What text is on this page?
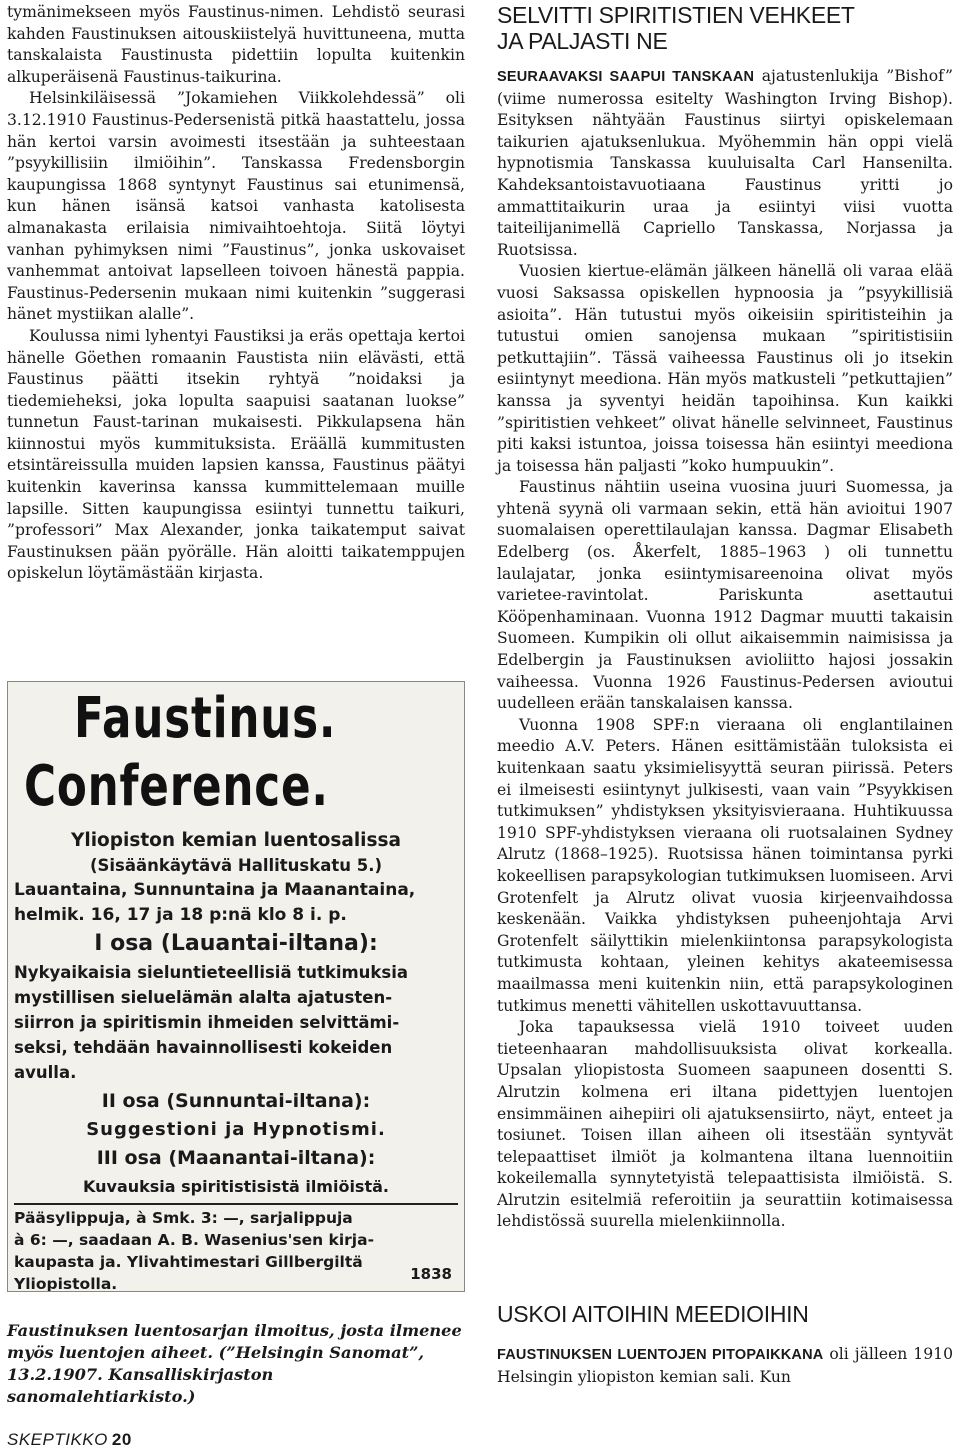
tymänimekseen myös Faustinus-nimen. Lehdistö seurasi kahden Faustinuksen aitouskiistelyä huvittuneena, mutta tanskalaista Faustinusta pidettiin lopulta kuitenkin alkuperäisenä Faustinus-taikurina.

Helsinkiläisessä ”Jokamiehen Viikkolehdessä” oli 3.12.1910 Faustinus-Pedersenistä pitkä haastattelu, jossa hän kertoi varsin avoimesti itsestään ja suhteestaan ”psyykillisiin ilmiöihin”. Tanskassa Fredensborgin kaupungissa 1868 syntynyt Faustinus sai etunimensä, kun hänen isänsä katsoi vanhasta katolisesta almanakasta erilaisia nimivaihtoehtoja. Siitä löytyi vanhan pyhimyksen nimi ”Faustinus”, jonka uskovaiset vanhemmat antoivat lapselleen toivoen hänestä pappia. Faustinus-Pedersenin mukaan nimi kuitenkin ”suggerasi hänet mystiikan alalle”.

Koulussa nimi lyhentyi Faustiksi ja eräs opettaja kertoi hänelle Göethen romaanin Faustista niin elävästi, että Faustinus päätti itsekin ryhtyä ”noidaksi ja tiedemieheksi, joka lopulta saapuisi saatanan luokse” tunnetun Faust-tarinan mukaisesti. Pikkulapsena hän kiinnostui myös kummituksista. Eräällä kummitusten etsintäreissulla muiden lapsien kanssa, Faustinus päätyi kuitenkin kaverinsa kanssa kummittelemaan muille lapsille. Sitten kaupungissa esiintyi tunnettu taikuri, ”professori” Max Alexander, jonka taikatemput saivat Faustinuksen pään pyörälle. Hän aloitti taikatemppujen opiskelun löytämästään kirjasta.

Faustinus.

Conference.

Yliopiston kemian luentosalissa

(Sisäänkäytävä Hallituskatu 5.)

Lauantaina, Sunnuntaina ja Maanantaina,

helmik. 16, 17 ja 18 p:nä klo 8 i. p.

I osa (Lauantai-iltana):

Nykyaikaisia sieluntieteellisiä tutkimuksia

mystillisen sieluelämän alalta ajatusten-

siirron ja spiritismin ihmeiden selvittämi-

seksi, tehdään havainnollisesti kokeiden

avulla.

II osa (Sunnuntai-iltana):

Suggestioni ja Hypnotismi.

III osa (Maanantai-iltana):

Kuvauksia spiritistisistä ilmiöistä.

Pääsylippuja, à Smk. 3: —, sarjalippuja

à 6: —, saadaan A. B. Wasenius'sen kirja-

kaupasta ja. Ylivahtimestari Gillbergiltä

Yliopistolla.

1838

Faustinuksen luentosarjan ilmoitus, josta ilmenee myös luentojen aiheet. (”Helsingin Sanomat”, 13.2.1907. Kansalliskirjaston sanomalehtiarkisto.)

SKEPTIKKO 20
SELVITTI SPIRITISTIEN VEHKEET
JA PALJASTI NE

SEURAAVAKSI SAAPUI TANSKAAN ajatustenlukija ”Bishof” (viime numerossa esitelty Washington Irving Bishop). Esityksen nähtyään Faustinus siirtyi opiskelemaan taikurien ajatuksenlukua. Myöhemmin hän oppi vielä hypnotismia Tanskassa kuuluisalta Carl Hanseniltа. Kahdeksantoistavuotiaana Faustinus yritti jo ammattitaikurin uraa ja esiintyi viisi vuotta taiteilijanimellä Capriello Tanskassa, Norjassa ja Ruotsissa.

Vuosien kiertue-elämän jälkeen hänellä oli varaa elää vuosi Saksassa opiskellen hypnoosia ja ”psyykillisiä asioita”. Hän tutustui myös oikeisiin spiritisteihin ja tutustui omien sanojensa mukaan ”spiritistisiin petkuttajiin”. Tässä vaiheessa Faustinus oli jo itsekin esiintynyt meedionа. Hän myös matkusteli ”petkuttajien” kanssa ja syventyi heidän tapoihinsa. Kun kaikki ”spiritistien vehkeet” olivat hänelle selvinneet, Faustinus piti kaksi istuntoa, joissa toisessa hän esiintyi meediona ja toisessa hän paljasti ”koko humpuukin”.

Faustinus nähtiin useina vuosina juuri Suomessa, ja yhtenä syynä oli varmaan sekin, että hän avioitui 1907 suomalaisen operettilaulajan kanssa. Dagmar Elisabeth Edelberg (os. Åkerfelt, 1885–1963 ) oli tunnettu laulajatar, jonka esiintymisareenoina olivat myös varietee-ravintolat. Pariskunta asettautui Kööpenhaminaan. Vuonna 1912 Dagmar muutti takaisin Suomeen. Kumpikin oli ollut aikaisemmin naimisissa ja Edelbergin ja Faustinuksen avioliitto hajosi jossakin vaiheessa. Vuonna 1926 Faustinus-Pedersen avioutui uudelleen erään tanskalaisen kanssa.

Vuonna 1908 SPF:n vieraana oli englantilainen meedio A.V. Peters. Hänen esittämistään tuloksista ei kuitenkaan saatu yksimielisyyttä seuran piirissä. Peters ei ilmeisesti esiintynyt julkisesti, vaan vain ”Psyykkisen tutkimuksen” yhdistyksen yksityisvieraana. Huhtikuussa 1910 SPF-yhdistyksen vieraana oli ruotsalainen Sydney Alrutz (1868–1925). Ruotsissa hänen toimintansa pyrki kokeellisen parapsykologian tutkimuksen luomiseen. Arvi Grotenfelt ja Alrutz olivat vuosia kirjeenvaihdossa keskenään. Vaikka yhdistyksen puheenjohtaja Arvi Grotenfelt säilyttikin mielenkiintonsa parapsykologista tutkimusta kohtaan, yleinen kehitys akateemisessa maailmassa meni kuitenkin niin, että parapsykologinen tutkimus menetti vähitellen uskottavuuttansa.

Joka tapauksessa vielä 1910 toiveet uuden tieteenhaaran mahdollisuuksista olivat korkealla. Upsalan yliopistosta Suomeen saapuneen dosentti S. Alrutzin kolmena eri iltana pidettyjen luentojen ensimmäinen aihepiiri oli ajatuksensiirto, näyt, enteet ja tosiunet. Toisen illan aiheen oli itsestään syntyvät telepaattiset ilmiöt ja kolmantena iltana luennoitiin kokeilemalla synnytetyistä telepaattisista ilmiöistä. S. Alrutzin esitelmiä referoitiin ja seurattiin kotimaisessa lehdistössä suurella mielenkiinnolla.

USKOI AITOIHIN MEEDIOIHIN

FAUSTINUKSEN LUENTOJEN PITOPAIKKANA oli jälleen 1910 Helsingin yliopiston kemian sali. Kun
